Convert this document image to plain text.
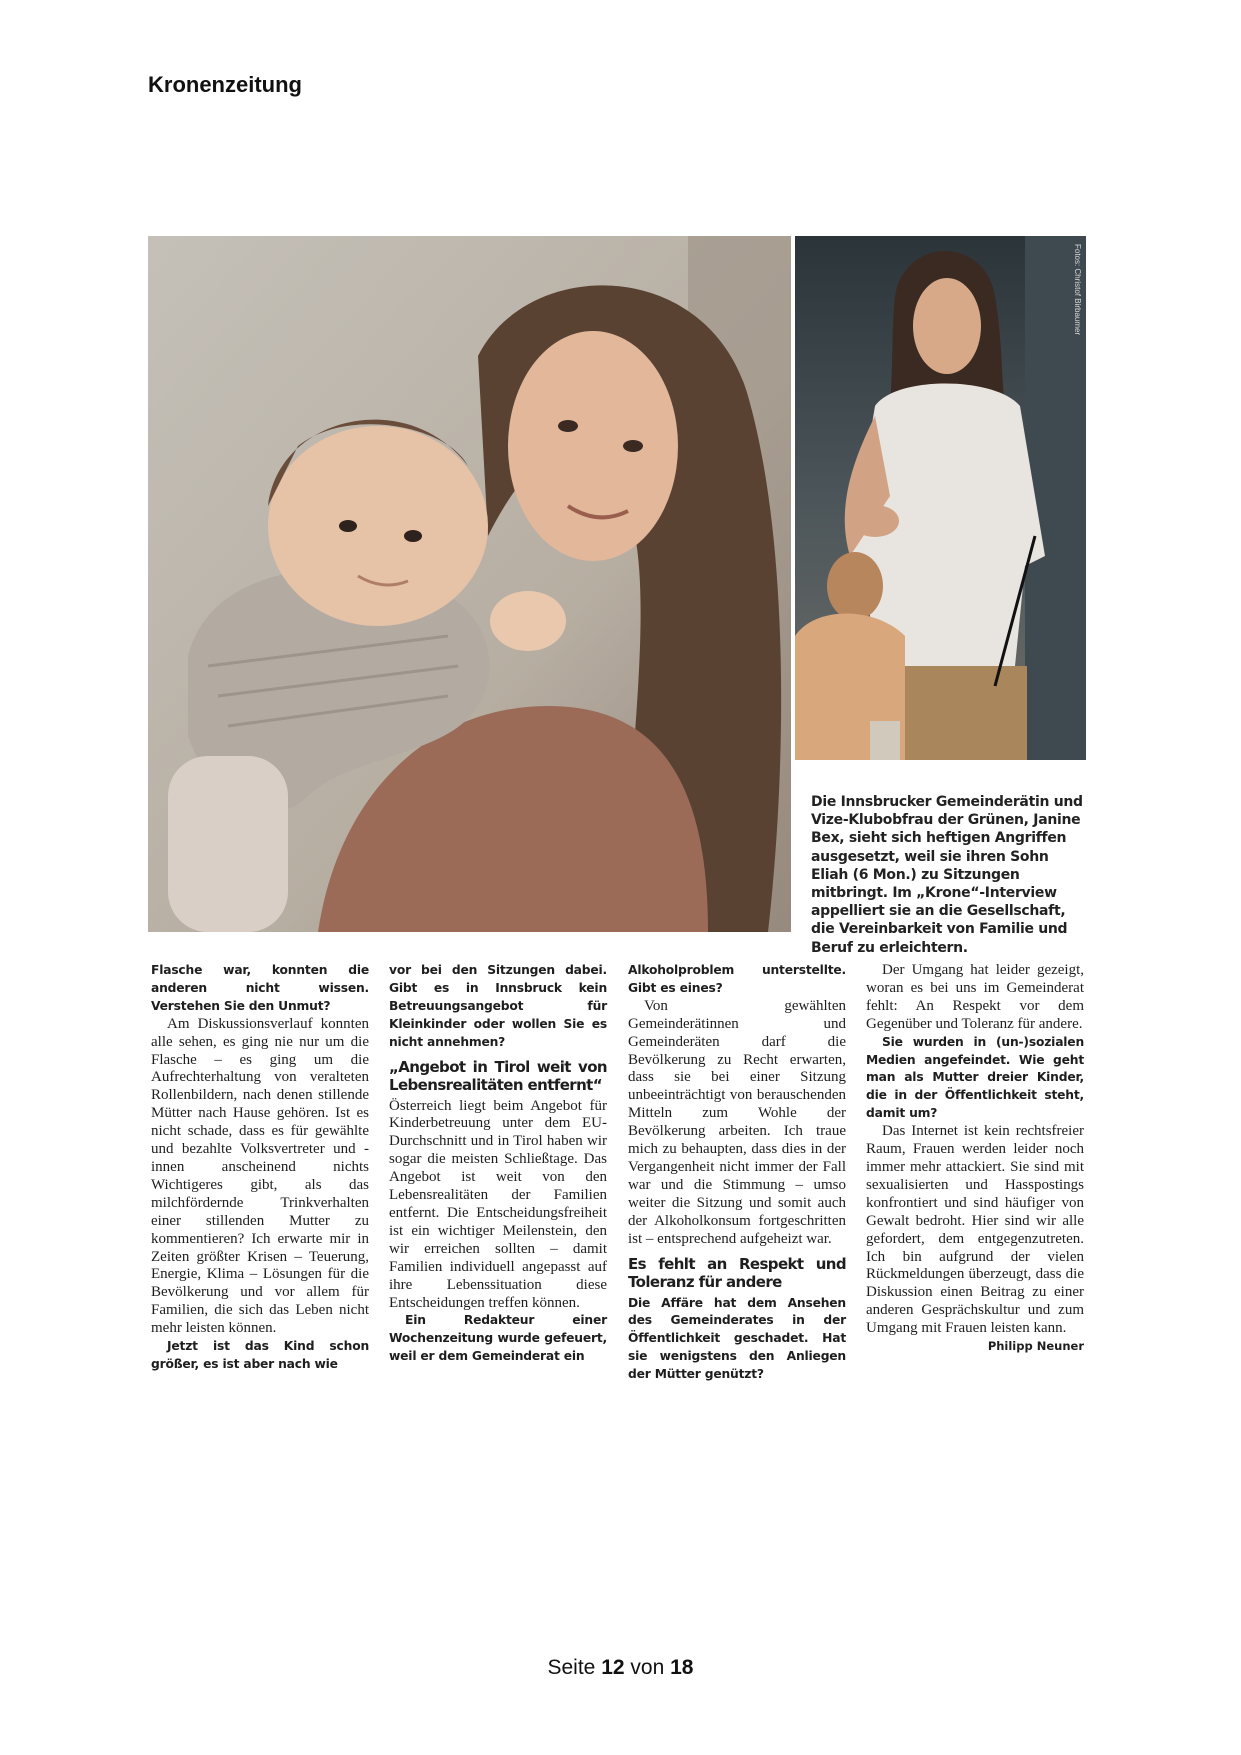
Kronenzeitung
Fotos: Christof Birbaumer
Die Innsbrucker Gemeinderätin und Vize-Klubobfrau der Grünen, Janine Bex, sieht sich heftigen Angriffen ausgesetzt, weil sie ihren Sohn Eliah (6 Mon.) zu Sitzungen mitbringt. Im „Krone“-Interview appelliert sie an die Gesellschaft, die Vereinbarkeit von Familie und Beruf zu erleichtern.

Flasche war, konnten die anderen nicht wissen. Verstehen Sie den Unmut?

Am Diskussionsverlauf konnten alle sehen, es ging nie nur um die Flasche – es ging um die Aufrechterhaltung von veralteten Rollenbildern, nach denen stillende Mütter nach Hause gehören. Ist es nicht schade, dass es für gewählte und bezahlte Volksvertreter und -innen anscheinend nichts Wichtigeres gibt, als das milchfördernde Trinkverhalten einer stillenden Mutter zu kommentieren? Ich erwarte mir in Zeiten größter Krisen – Teuerung, Energie, Klima – Lösungen für die Bevölkerung und vor allem für Familien, die sich das Leben nicht mehr leisten können.

Jetzt ist das Kind schon größer, es ist aber nach wie

vor bei den Sitzungen dabei. Gibt es in Innsbruck kein Betreuungsangebot für Kleinkinder oder wollen Sie es nicht annehmen?

„Angebot in Tirol weit von Lebensrealitäten entfernt“

Österreich liegt beim Angebot für Kinderbetreuung unter dem EU-Durchschnitt und in Tirol haben wir sogar die meisten Schließtage. Das Angebot ist weit von den Lebensrealitäten der Familien entfernt. Die Entscheidungsfreiheit ist ein wichtiger Meilenstein, den wir erreichen sollten – damit Familien individuell angepasst auf ihre Lebenssituation diese Entscheidungen treffen können.

Ein Redakteur einer Wochenzeitung wurde gefeuert, weil er dem Gemeinderat ein

Alkoholproblem unterstellte. Gibt es eines?

Von gewählten Gemeinderätinnen und Gemeinderäten darf die Bevölkerung zu Recht erwarten, dass sie bei einer Sitzung unbeeinträchtigt von berauschenden Mitteln zum Wohle der Bevölkerung arbeiten. Ich traue mich zu behaupten, dass dies in der Vergangenheit nicht immer der Fall war und die Stimmung – umso weiter die Sitzung und somit auch der Alkoholkonsum fortgeschritten ist – entsprechend aufgeheizt war.

Es fehlt an Respekt und Toleranz für andere

Die Affäre hat dem Ansehen des Gemeinderates in der Öffentlichkeit geschadet. Hat sie wenigstens den Anliegen der Mütter genützt?

Der Umgang hat leider gezeigt, woran es bei uns im Gemeinderat fehlt: An Respekt vor dem Gegenüber und Toleranz für andere.

Sie wurden in (un-)sozialen Medien angefeindet. Wie geht man als Mutter dreier Kinder, die in der Öffentlichkeit steht, damit um?

Das Internet ist kein rechtsfreier Raum, Frauen werden leider noch immer mehr attackiert. Sie sind mit sexualisierten und Hasspostings konfrontiert und sind häufiger von Gewalt bedroht. Hier sind wir alle gefordert, dem entgegenzutreten. Ich bin aufgrund der vielen Rückmeldungen überzeugt, dass die Diskussion einen Beitrag zu einer anderen Gesprächskultur und zum Umgang mit Frauen leisten kann.
Philipp Neuner

Seite 12 von 18
